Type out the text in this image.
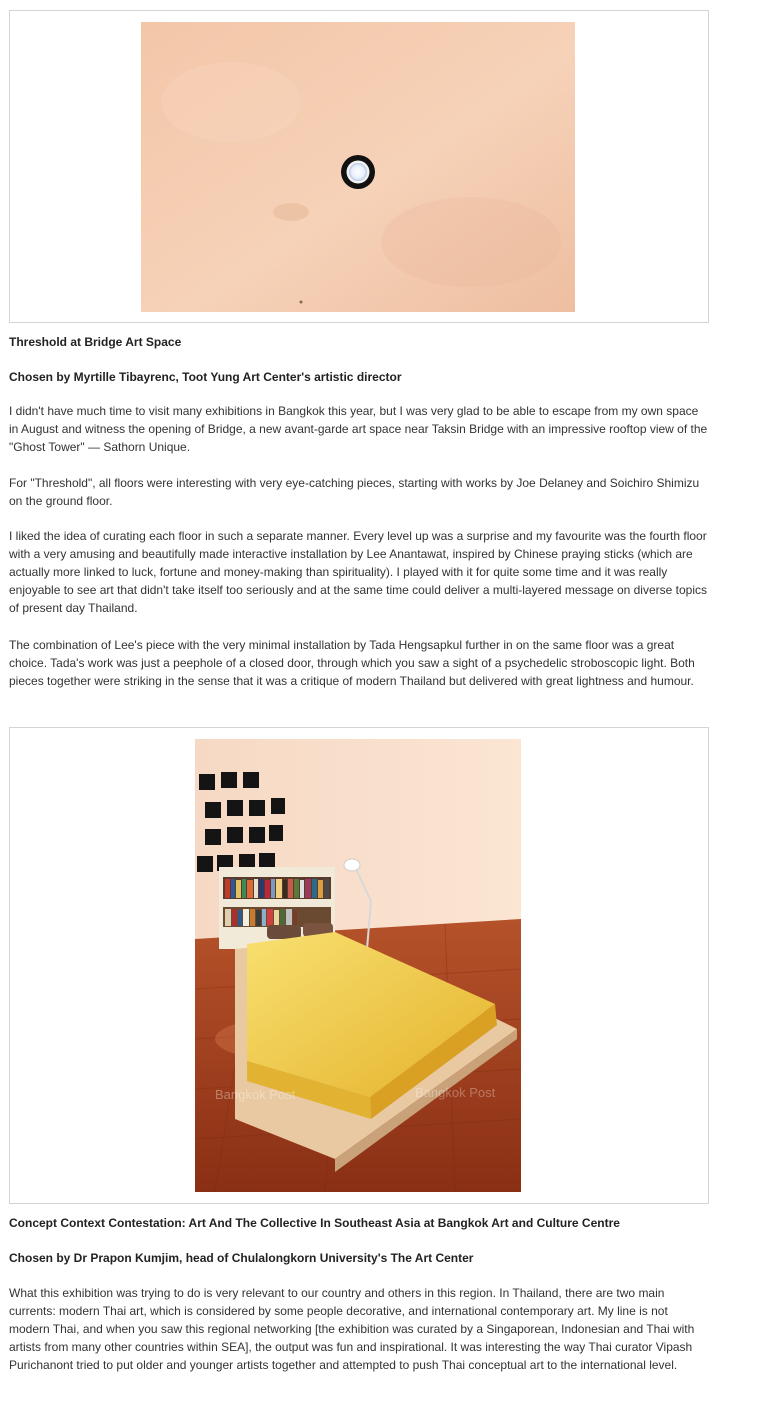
Threshold at Bridge Art Space
Chosen by Myrtille Tibayrenc, Toot Yung Art Center's artistic director

I didn't have much time to visit many exhibitions in Bangkok this year, but I was very glad to be able to escape from my own space in August and witness the opening of Bridge, a new avant-garde art space near Taksin Bridge with an impressive rooftop view of the "Ghost Tower" — Sathorn Unique.

For "Threshold", all floors were interesting with very eye-catching pieces, starting with works by Joe Delaney and Soichiro Shimizu on the ground floor.

I liked the idea of curating each floor in such a separate manner. Every level up was a surprise and my favourite was the fourth floor with a very amusing and beautifully made interactive installation by Lee Anantawat, inspired by Chinese praying sticks (which are actually more linked to luck, fortune and money-making than spirituality). I played with it for quite some time and it was really enjoyable to see art that didn't take itself too seriously and at the same time could deliver a multi-layered message on diverse topics of present day Thailand.

The combination of Lee's piece with the very minimal installation by Tada Hengsapkul further in on the same floor was a great choice. Tada's work was just a peephole of a closed door, through which you saw a sight of a psychedelic stroboscopic light. Both pieces together were striking in the sense that it was a critique of modern Thailand but delivered with great lightness and humour.

Bangkok Post	Bangkok Post
Concept Context Contestation: Art And The Collective In Southeast Asia at Bangkok Art and Culture Centre
Chosen by Dr Prapon Kumjim, head of Chulalongkorn University's The Art Center

What this exhibition was trying to do is very relevant to our country and others in this region. In Thailand, there are two main currents: modern Thai art, which is considered by some people decorative, and international contemporary art. My line is not modern Thai, and when you saw this regional networking [the exhibition was curated by a Singaporean, Indonesian and Thai with artists from many other countries within SEA], the output was fun and inspirational. It was interesting the way Thai curator Vipash Purichanont tried to put older and younger artists together and attempted to push Thai conceptual art to the international level.
